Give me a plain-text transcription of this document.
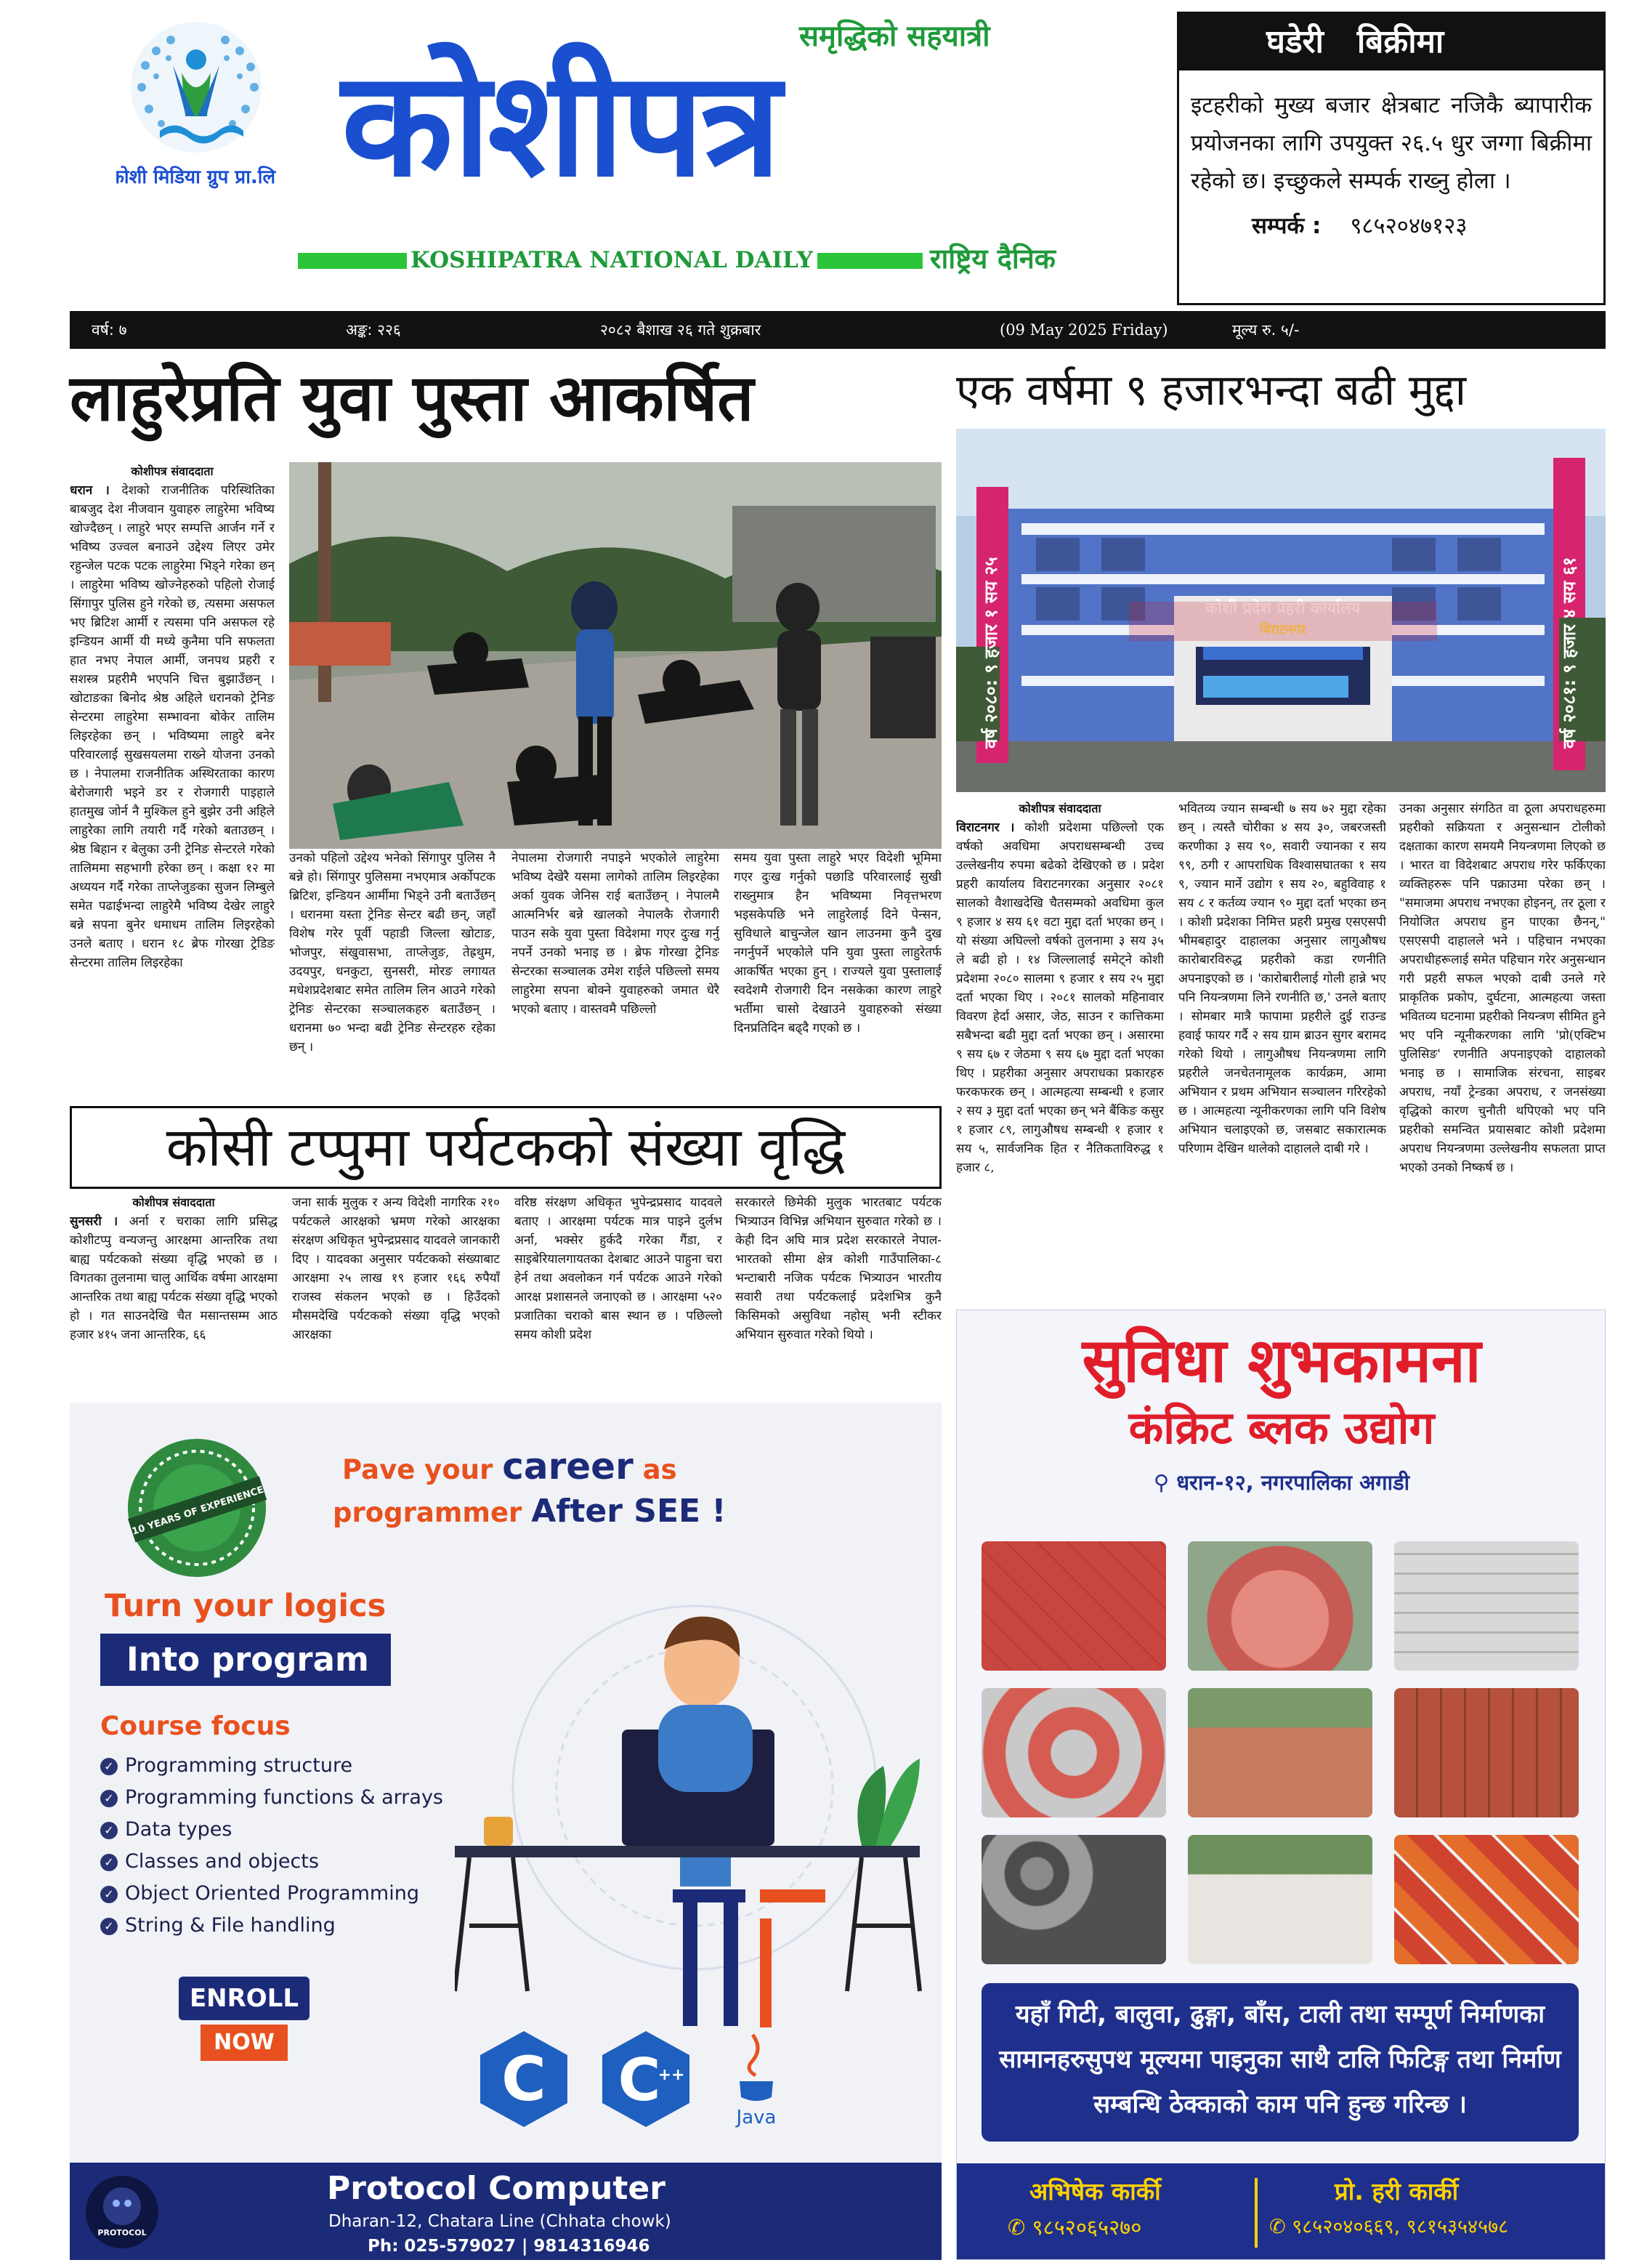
कोशी मिडिया ग्रुप प्रा.लि.
समृद्धिको सहयात्री
कोशीपत्र
KOSHIPATRA NATIONAL DAILY	राष्ट्रिय दैनिक
घडेरी   बिक्रीमा
इटहरीको मुख्य बजार क्षेत्रबाट नजिकै ब्यापारीक प्रयोजनका लागि उपयुक्त २६.५ धुर जग्गा बिक्रीमा रहेको छ। इच्छुकले सम्पर्क राख्नु होला ।
सम्पर्क : ९८५२०४७१२३
वर्ष: ७	अङ्क: २२६	२०८२ बैशाख २६ गते शुक्रबार	(09 May 2025 Friday)	मूल्य रु. ५/-
लाहुरेप्रति युवा पुस्ता आकर्षित
कोशीपत्र संवाददाता
धरान । देशको राजनीतिक परिस्थितिका बाबजुद देश नीजवान युवाहरु लाहुरेमा भविष्य खोज्दैछन् । लाहुरे भएर सम्पत्ति आर्जन गर्ने र भविष्य उज्वल बनाउने उद्देश्य लिएर उमेर रहुन्जेल पटक पटक लाहुरेमा भिड्ने गरेका छन् । लाहुरेमा भविष्य खोज्नेहरुको पहिलो रोजाई सिंगापुर पुलिस हुने गरेको छ, त्यसमा असफल भए ब्रिटिश आर्मी र त्यसमा पनि असफल रहे इन्डियन आर्मी यी मध्ये कुनैमा पनि सफलता हात नभए नेपाल आर्मी, जनपथ प्रहरी र सशस्त्र प्रहरीमै भएपनि चित्त बुझाउँछन् । खोटाङका बिनोद श्रेष्ठ अहिले धरानको ट्रेनिङ सेन्टरमा लाहुरेमा सम्भावना बोकेर तालिम लिइरहेका छन् । भविष्यमा लाहुरे बनेर परिवारलाई सुखसयलमा राख्ने योजना उनको छ । नेपालमा राजनीतिक अस्थिरताका कारण बेरोजगारी भइने डर र रोजगारी पाइहाले हातमुख जोर्न नै मुश्किल हुने बुझेर उनी अहिले लाहुरेका लागि तयारी गर्दै गरेको बताउछन् । श्रेष्ठ बिहान र बेलुका उनी ट्रेनिङ सेन्टरले गरेको तालिममा सहभागी हरेका छन् । कक्षा १२ मा अध्ययन गर्दै गरेका ताप्लेजुङका सुजन लिम्बुले समेत पढाईभन्दा लाहुरेमै भविष्य देखेर लाहुरे बन्ने सपना बुनेर धमाधम तालिम लिइरहेको उनले बताए । धरान १८ ब्रेफ गोरखा ट्रेडिङ सेन्टरमा तालिम लिइरहेका
उनको पहिलो उद्देश्य भनेको सिंगापुर पुलिस नै बन्ने हो। सिंगापुर पुलिसमा नभएमात्र अर्कोपटक ब्रिटिश, इन्डियन आर्मीमा भिड्ने उनी बताउँछन् । धरानमा यस्ता ट्रेनिङ सेन्टर बढी छन्, जहाँ विशेष गरेर पूर्वी पहाडी जिल्ला खोटाङ, भोजपुर, संखुवासभा, ताप्लेजुङ, तेह्रथुम, उदयपुर, धनकुटा, सुनसरी, मोरङ लगायत मधेशप्रदेशबाट समेत तालिम लिन आउने गरेको ट्रेनिङ सेन्टरका सञ्चालकहरु बताउँछन् । धरानमा ७० भन्दा बढी ट्रेनिङ सेन्टरहरु रहेका छन् ।
नेपालमा रोजगारी नपाइने भएकोले लाहुरेमा भविष्य देखेरै यसमा लागेको तालिम लिइरहेका अर्का युवक जेनिस राई बताउँछन् । नेपालमै आत्मनिर्भर बन्ने खालको नेपालकै रोजगारी पाउन सके युवा पुस्ता विदेशमा गएर दुःख गर्नु नपर्ने उनको भनाइ छ । ब्रेफ गोरखा ट्रेनिङ सेन्टरका सञ्चालक उमेश राईले पछिल्लो समय लाहुरेमा सपना बोक्ने युवाहरुको जमात धेरै भएको बताए । वास्तवमै पछिल्लो
समय युवा पुस्ता लाहुरे भएर विदेशी भूमिमा गएर दुःख गर्नुको पछाडि परिवारलाई सुखी राख्नुमात्र हैन भविष्यमा निवृत्तभरण भइसकेपछि भने लाहुरेलाई दिने पेन्सन, सुविधाले बाचुन्जेल खान लाउनमा कुनै दुख नगर्नुपर्ने भएकोले पनि युवा पुस्ता लाहुरेतर्फ आकर्षित भएका हुन् । राज्यले युवा पुस्तालाई स्वदेशमै रोजगारी दिन नसकेका कारण लाहुरे भर्तीमा चासो देखाउने युवाहरुको संख्या दिनप्रतिदिन बढ्दै गएको छ ।
एक वर्षमा ९ हजारभन्दा बढी मुद्दा
वर्ष २०८०: ९ हजार १ सय २५	वर्ष २०८१: ९ हजार ४ सय ६१
कोशी प्रदेश प्रहरी कार्यालय
विराटनगर
कोशीपत्र संवाददाता
विराटनगर । कोशी प्रदेशमा पछिल्लो एक वर्षको अवधिमा अपराधसम्बन्धी उच्च उल्लेखनीय रुपमा बढेको देखिएको छ । प्रदेश प्रहरी कार्यालय विराटनगरका अनुसार २०८१ सालको वैशाखदेखि चैतसम्मको अवधिमा कुल ९ हजार ४ सय ६१ वटा मुद्दा दर्ता भएका छन् । यो संख्या अघिल्लो वर्षको तुलनामा ३ सय ३५ ले बढी हो । १४ जिल्लालाई समेट्ने कोशी प्रदेशमा २०८० सालमा ९ हजार १ सय २५ मुद्दा दर्ता भएका थिए । २०८१ सालको महिनावार विवरण हेर्दा असार, जेठ, साउन र कात्तिकमा सबैभन्दा बढी मुद्दा दर्ता भएका छन् । असारमा ९ सय ६७ र जेठमा ९ सय ६७ मुद्दा दर्ता भएका थिए । प्रहरीका अनुसार अपराधका प्रकारहरु फरकफरक छन् । आत्महत्या सम्बन्धी १ हजार २ सय ३ मुद्दा दर्ता भएका छन् भने बैंकिङ कसुर १ हजार ८९, लागुऔषध सम्बन्धी १ हजार १ सय ५, सार्वजनिक हित र नैतिकताविरुद्ध १ हजार ८,
भवितव्य ज्यान सम्बन्धी ७ सय ७२ मुद्दा रहेका छन् । त्यस्तै चोरीका ४ सय ३०, जबरजस्ती करणीका ३ सय ९०, सवारी ज्यानका र सय ९९, ठगी र आपराधिक विश्वासघातका १ सय ९, ज्यान मार्ने उद्योग १ सय २०, बहुविवाह १ सय ८ र कर्तव्य ज्यान ९० मुद्दा दर्ता भएका छन् । कोशी प्रदेशका निमित्त प्रहरी प्रमुख एसएसपी भीमबहादुर दाहालका अनुसार लागुऔषध कारोबारविरुद्ध प्रहरीको कडा रणनीति अपनाइएको छ । 'कारोबारीलाई गोली हान्ने भए पनि नियन्त्रणमा लिने रणनीति छ,' उनले बताए । सोमबार मात्रै फापामा प्रहरीले दुई राउन्ड हवाई फायर गर्दै २ सय ग्राम ब्राउन सुगर बरामद गरेको थियो । लागुऔषध नियन्त्रणमा लागि प्रहरीले जनचेतनामूलक कार्यक्रम, आमा अभियान र प्रथम अभियान सञ्चालन गरिरहेको छ । आत्महत्या न्यूनीकरणका लागि पनि विशेष अभियान चलाइएको छ, जसबाट सकारात्मक परिणाम देखिन थालेको दाहालले दाबी गरे ।
उनका अनुसार संगठित वा ठूला अपराधहरुमा प्रहरीको सक्रियता र अनुसन्धान टोलीको दक्षताका कारण समयमै नियन्त्रणमा लिएको छ । भारत वा विदेशबाट अपराध गरेर फर्किएका व्यक्तिहरुरू पनि पक्राउमा परेका छन् । "समाजमा अपराध नभएका होइनन्, तर ठूला र नियोजित अपराध हुन पाएका छैनन्," एसएसपी दाहालले भने । पहिचान नभएका अपराधीहरूलाई समेत पहिचान गरेर अनुसन्धान गरी प्रहरी सफल भएको दाबी उनले गरे प्राकृतिक प्रकोप, दुर्घटना, आत्महत्या जस्ता भवितव्य घटनामा प्रहरीको नियन्त्रण सीमित हुने भए पनि न्यूनीकरणका लागि 'प्रो(एक्टिभ पुलिसिङ' रणनीति अपनाइएको दाहालको भनाइ छ । सामाजिक संरचना, साइबर अपराध, नयाँ ट्रेन्डका अपराध, र जनसंख्या वृद्धिको कारण चुनौती थपिएको भए पनि प्रहरीको समन्वित प्रयासबाट कोशी प्रदेशमा अपराध नियन्त्रणमा उल्लेखनीय सफलता प्राप्त भएको उनको निष्कर्ष छ ।
कोसी टप्पुमा पर्यटकको संख्या वृद्धि
कोशीपत्र संवाददाता
सुनसरी । अर्ना र चराका लागि प्रसिद्ध कोशीटप्पु वन्यजन्तु आरक्षमा आन्तरिक तथा बाह्य पर्यटकको संख्या वृद्धि भएको छ । विगतका तुलनामा चालु आर्थिक वर्षमा आरक्षमा आन्तरिक तथा बाह्य पर्यटक संख्या वृद्धि भएको हो । गत साउनदेखि चैत मसान्तसम्म आठ हजार ४१५ जना आन्तरिक, ६६
जना सार्क मुलुक र अन्य विदेशी नागरिक २१० पर्यटकले आरक्षको भ्रमण गरेको आरक्षका संरक्षण अधिकृत भुपेन्द्रप्रसाद यादवले जानकारी दिए । यादवका अनुसार पर्यटकको संख्याबाट आरक्षमा २५ लाख १९ हजार १६६ रुपैयाँ राजस्व संकलन भएको छ । हिउँदको मौसमदेखि पर्यटकको संख्या वृद्धि भएको आरक्षका
वरिष्ठ संरक्षण अधिकृत भुपेन्द्रप्रसाद यादवले बताए । आरक्षमा पर्यटक मात्र पाइने दुर्लभ अर्ना, भक्सेर हुर्कदै गरेका गैंडा, र साइबेरियालगायतका देशबाट आउने पाहुना चरा हेर्न तथा अवलोकन गर्न पर्यटक आउने गरेको आरक्ष प्रशासनले जनाएको छ । आरक्षमा ५२० प्रजातिका चराको बास स्थान छ । पछिल्लो समय कोशी प्रदेश
सरकारले छिमेकी मुलुक भारतबाट पर्यटक भित्र्याउन विभिन्न अभियान सुरुवात गरेको छ । केही दिन अघि मात्र प्रदेश सरकारले नेपाल-भारतको सीमा क्षेत्र कोशी गाउँपालिका-८ भन्टाबारी नजिक पर्यटक भित्र्याउन भारतीय सवारी तथा पर्यटकलाई प्रदेशभित्र कुनै किसिमको असुविधा नहोस् भनी स्टीकर अभियान सुरुवात गरेको थियो ।
10 YEARS OF EXPERIENCE
Pave your career as
programmer After SEE !
Turn your logics
Into program
Course focus
✓ Programming structure
✓ Programming functions & arrays
✓ Data types
✓ Classes and objects
✓ Object Oriented Programming
✓ String & File handling
ENROLL
NOW
C C
++
Java
PROTOCOL
Protocol Computer
Dharan-12, Chatara Line (Chhata chowk)
Ph: 025-579027 | 9814316946
सुविधा शुभकामना
कंक्रिट ब्लक उद्योग
⚲ धरान-१२, नगरपालिका अगाडी
यहाँ गिटी, बालुवा, ढुङ्गा, बाँस, टाली तथा सम्पूर्ण निर्माणका सामानहरुसुपथ मूल्यमा पाइनुका साथै टालि फिटिङ्ग तथा निर्माण सम्बन्धि ठेक्काको काम पनि हुन्छ गरिन्छ ।
अभिषेक कार्की
✆ ९८५२०६५२७०
प्रो. हरी कार्की
✆ ९८५२०४०६६९, ९८१५३५४५७८
